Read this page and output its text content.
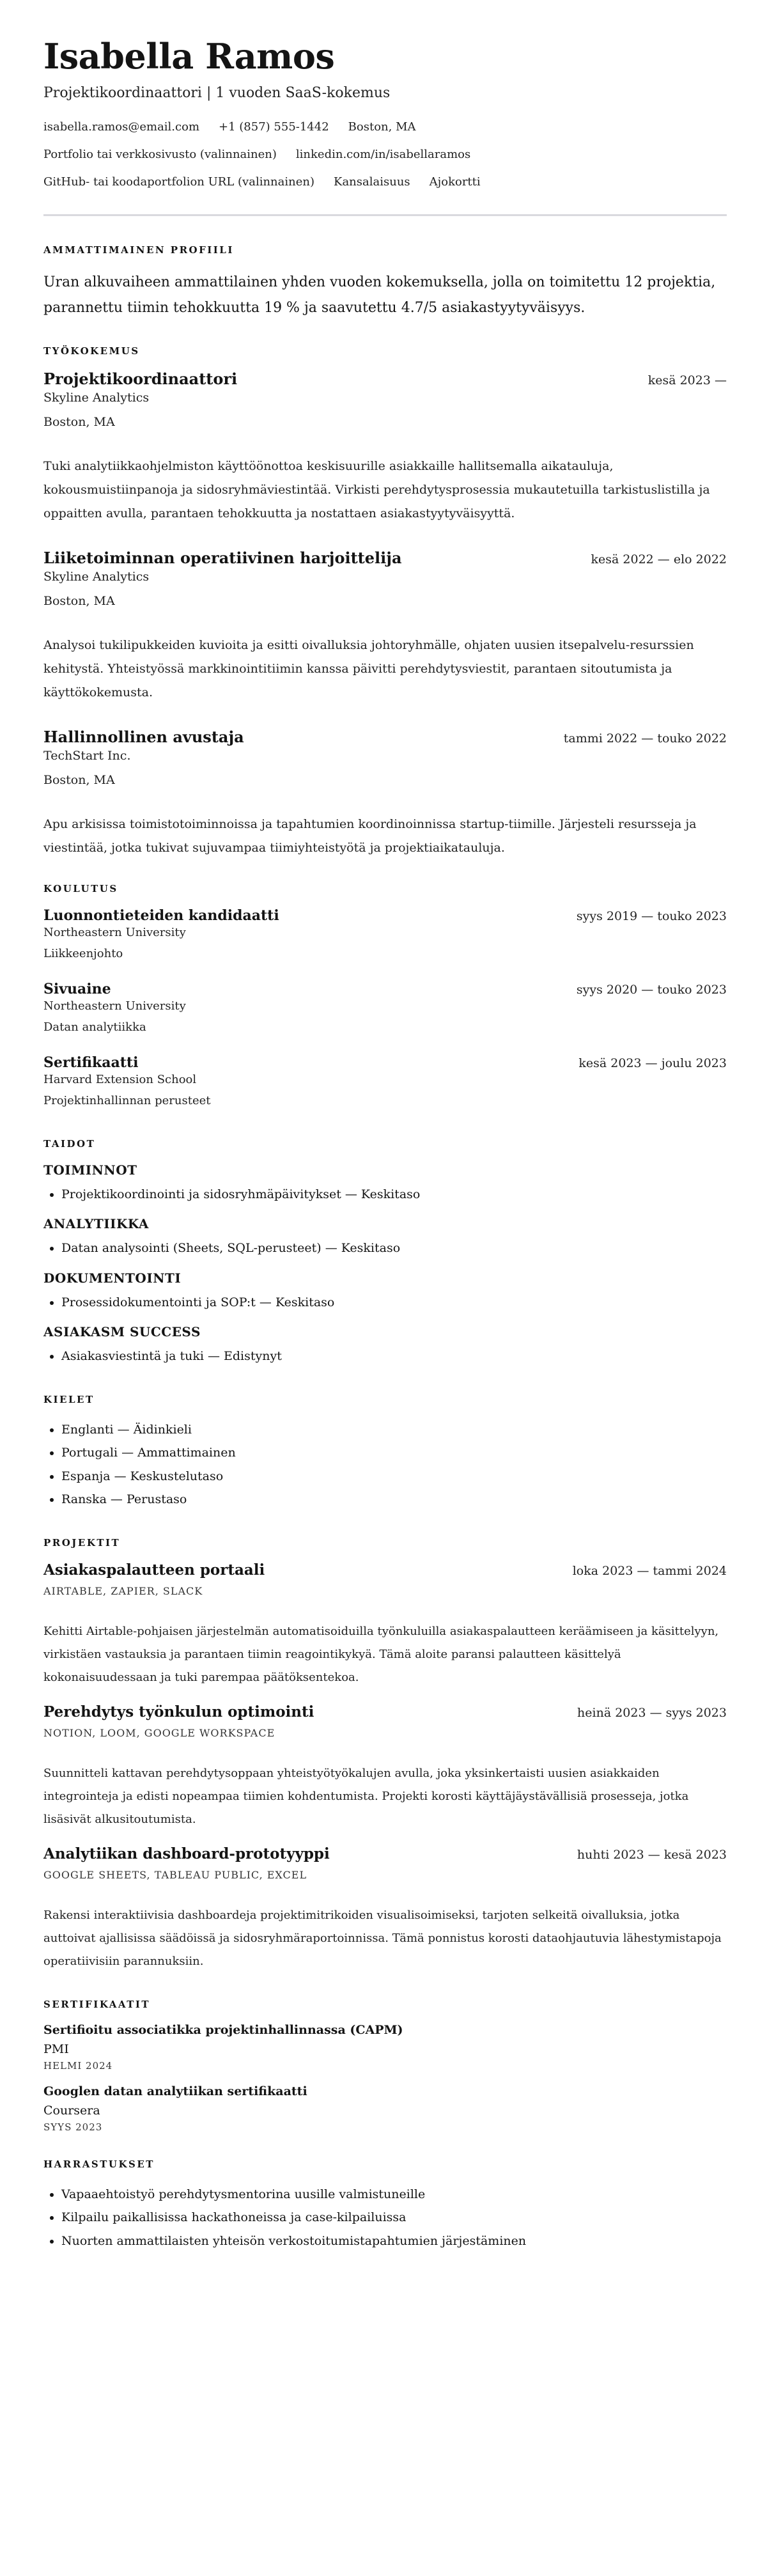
Isabella Ramos
Projektikoordinaattori | 1 vuoden SaaS-kokemus
isabella.ramos@email.com +1 (857) 555-1442 Boston, MA
Portfolio tai verkkosivusto (valinnainen) linkedin.com/in/isabellaramos
GitHub- tai koodaportfolion URL (valinnainen) Kansalaisuus Ajokortti
AMMATTIMAINEN PROFIILI

Uran alkuvaiheen ammattilainen yhden vuoden kokemuksella, jolla on toimitettu 12 projektia, parannettu tiimin tehokkuutta 19 % ja saavutettu 4.7/5 asiakastyytyväisyys.

TYÖKOKEMUS
Projektikoordinaattori	kesä 2023 —
Skyline Analytics
Boston, MA
Tuki analytiikkaohjelmiston käyttöönottoa keskisuurille asiakkaille hallitsemalla aikatauluja, kokousmuistiinpanoja ja sidosryhmäviestintää. Virkisti perehdytysprosessia mukautetuilla tarkistuslistilla ja oppaitten avulla, parantaen tehokkuutta ja nostattaen asiakastyytyväisyyttä.
Liiketoiminnan operatiivinen harjoittelija	kesä 2022 — elo 2022
Skyline Analytics
Boston, MA
Analysoi tukilipukkeiden kuvioita ja esitti oivalluksia johtoryhmälle, ohjaten uusien itsepalvelu-resurssien kehitystä. Yhteistyössä markkinointitiimin kanssa päivitti perehdytysviestit, parantaen sitoutumista ja käyttökokemusta.
Hallinnollinen avustaja	tammi 2022 — touko 2022
TechStart Inc.
Boston, MA
Apu arkisissa toimistotoiminnoissa ja tapahtumien koordinoinnissa startup-tiimille. Järjesteli resursseja ja viestintää, jotka tukivat sujuvampaa tiimiyhteistyötä ja projektiaikatauluja.
KOULUTUS
Luonnontieteiden kandidaatti	syys 2019 — touko 2023
Northeastern University
Liikkeenjohto
Sivuaine	syys 2020 — touko 2023
Northeastern University
Datan analytiikka
Sertifikaatti	kesä 2023 — joulu 2023
Harvard Extension School
Projektinhallinnan perusteet
TAIDOT
TOIMINNOT
• Projektikoordinointi ja sidosryhmäpäivitykset — Keskitaso
ANALYTIIKKA
• Datan analysointi (Sheets, SQL-perusteet) — Keskitaso
DOKUMENTOINTI
• Prosessidokumentointi ja SOP:t — Keskitaso
ASIAKASM SUCCESS
• Asiakasviestintä ja tuki — Edistynyt
KIELET
• Englanti — Äidinkieli
• Portugali — Ammattimainen
• Espanja — Keskustelutaso
• Ranska — Perustaso
PROJEKTIT
Asiakaspalautteen portaali	loka 2023 — tammi 2024
AIRTABLE, ZAPIER, SLACK
Kehitti Airtable-pohjaisen järjestelmän automatisoiduilla työnkuluilla asiakaspalautteen keräämiseen ja käsittelyyn, virkistäen vastauksia ja parantaen tiimin reagointikykyä. Tämä aloite paransi palautteen käsittelyä kokonaisuudessaan ja tuki parempaa päätöksentekoa.
Perehdytys työnkulun optimointi	heinä 2023 — syys 2023
NOTION, LOOM, GOOGLE WORKSPACE
Suunnitteli kattavan perehdytysoppaan yhteistyötyökalujen avulla, joka yksinkertaisti uusien asiakkaiden integrointeja ja edisti nopeampaa tiimien kohdentumista. Projekti korosti käyttäjäystävällisiä prosesseja, jotka lisäsivät alkusitoutumista.
Analytiikan dashboard-prototyyppi	huhti 2023 — kesä 2023
GOOGLE SHEETS, TABLEAU PUBLIC, EXCEL
Rakensi interaktiivisia dashboardeja projektimitrikoiden visualisoimiseksi, tarjoten selkeitä oivalluksia, jotka auttoivat ajallisissa säädöissä ja sidosryhmäraportoinnissa. Tämä ponnistus korosti dataohjautuvia lähestymistapoja operatiivisiin parannuksiin.
SERTIFIKAATIT
Sertifioitu associatikka projektinhallinnassa (CAPM)
PMI
HELMI 2024
Googlen datan analytiikan sertifikaatti
Coursera
SYYS 2023
HARRASTUKSET
• Vapaaehtoistyö perehdytysmentorina uusille valmistuneille
• Kilpailu paikallisissa hackathoneissa ja case-kilpailuissa
• Nuorten ammattilaisten yhteisön verkostoitumistapahtumien järjestäminen
